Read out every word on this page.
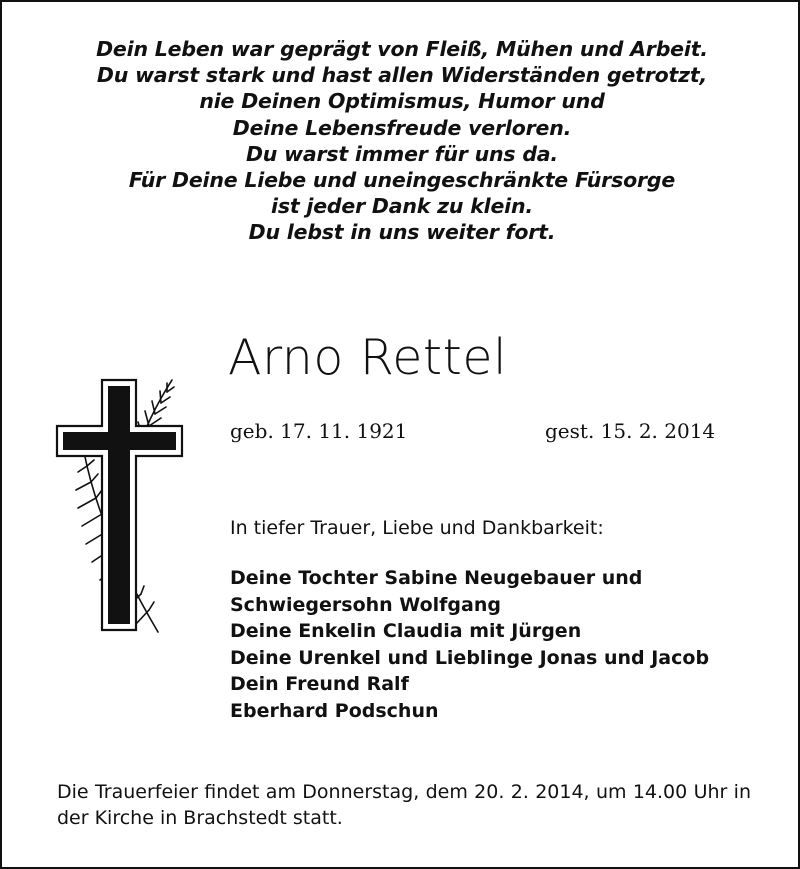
Dein Leben war geprägt von Fleiß, Mühen und Arbeit.
Du warst stark und hast allen Widerständen getrotzt,
nie Deinen Optimismus, Humor und
Deine Lebensfreude verloren.
Du warst immer für uns da.
Für Deine Liebe und uneingeschränkte Fürsorge
ist jeder Dank zu klein.
Du lebst in uns weiter fort.
Arno Rettel
geb. 17. 11. 1921	gest. 15. 2. 2014
In tiefer Trauer, Liebe und Dankbarkeit:
Deine Tochter Sabine Neugebauer und
Schwiegersohn Wolfgang
Deine Enkelin Claudia mit Jürgen
Deine Urenkel und Lieblinge Jonas und Jacob
Dein Freund Ralf
Eberhard Podschun
Die Trauerfeier findet am Donnerstag, dem 20. 2. 2014, um 14.00 Uhr in der Kirche in Brachstedt statt.
